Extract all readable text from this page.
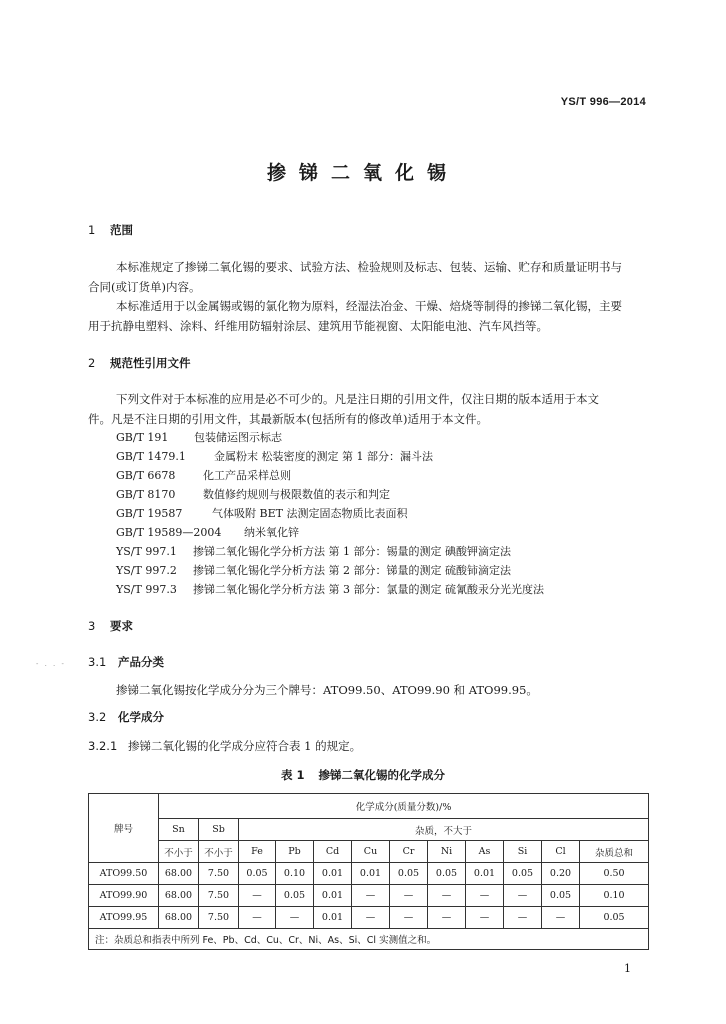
YS/T 996—2014
掺锑二氧化锡
1 范围
本标准规定了掺锑二氧化锡的要求、试验方法、检验规则及标志、包装、运输、贮存和质量证明书与
合同(或订货单)内容。
本标准适用于以金属锡或锡的氯化物为原料，经湿法冶金、干燥、焙烧等制得的掺锑二氧化锡，主要
用于抗静电塑料、涂料、纤维用防辐射涂层、建筑用节能视窗、太阳能电池、汽车风挡等。
2 规范性引用文件
下列文件对于本标准的应用是必不可少的。凡是注日期的引用文件，仅注日期的版本适用于本文
件。凡是不注日期的引用文件，其最新版本(包括所有的修改单)适用于本文件。
GB/T 191 包装储运图示标志
GB/T 1479.1	金属粉末 松装密度的测定 第 1 部分：漏斗法
GB/T 6678	化工产品采样总则
GB/T 8170	数值修约规则与极限数值的表示和判定
GB/T 19587	气体吸附 BET 法测定固态物质比表面积
GB/T 19589—2004 纳米氧化锌
YS/T 997.1 掺锑二氧化锡化学分析方法 第 1 部分：锡量的测定 碘酸钾滴定法
YS/T 997.2 掺锑二氧化锡化学分析方法 第 2 部分：锑量的测定 硫酸铈滴定法
YS/T 997.3 掺锑二氧化锡化学分析方法 第 3 部分：氯量的测定 硫氰酸汞分光光度法
3 要求
- . . - 3.1 产品分类
掺锑二氧化锡按化学成分分为三个牌号：ATO99.50、ATO99.90 和 ATO99.95。
3.2 化学成分
3.2.1 掺锑二氧化锡的化学成分应符合表 1 的规定。
表 1 掺锑二氧化锡的化学成分
牌号	化学成分(质量分数)/%											
	Sn	Sb	杂质，不大于									
	不小于	不小于	Fe	Pb	Cd	Cu	Cr	Ni	As	Si	Cl	杂质总和
ATO99.50	68.00	7.50	0.05	0.10	0.01	0.01	0.05	0.05	0.01	0.05	0.20	0.50
ATO99.90	68.00	7.50	—	0.05	0.01	—	—	—	—	—	0.05	0.10
ATO99.95	68.00	7.50	—	—	0.01	—	—	—	—	—	—	0.05
注：杂质总和指表中所列 Fe、Pb、Cd、Cu、Cr、Ni、As、Si、Cl 实测值之和。												
1
